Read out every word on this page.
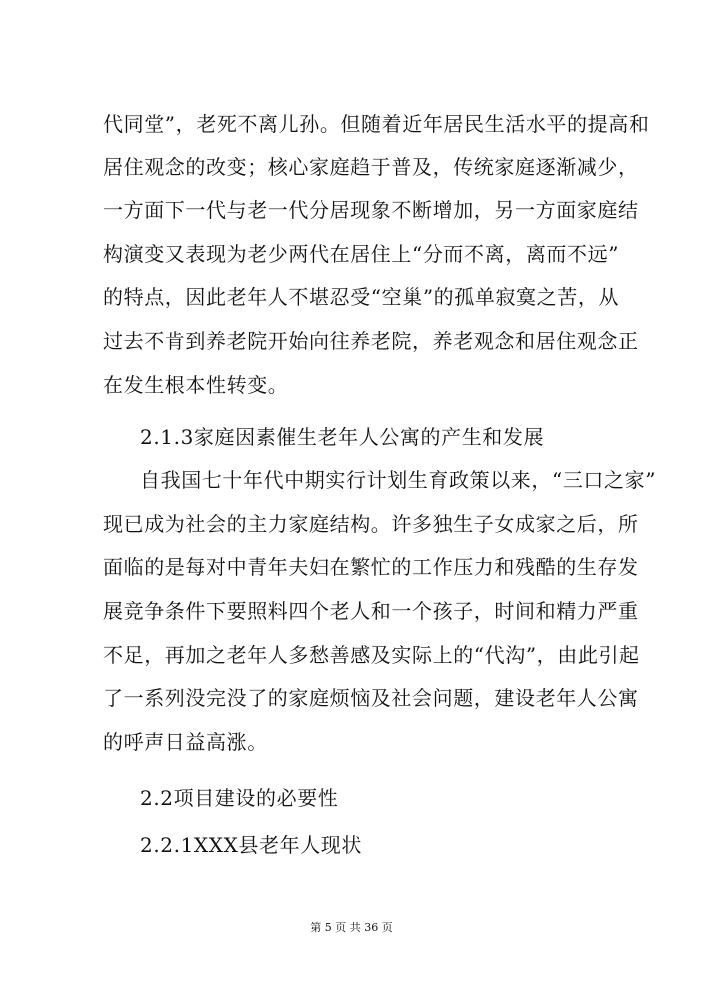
代同堂”，老死不离儿孙。但随着近年居民生活水平的提高和
居住观念的改变；核心家庭趋于普及，传统家庭逐渐减少，
一方面下一代与老一代分居现象不断增加，另一方面家庭结
构演变又表现为老少两代在居住上“分而不离，离而不远”
的特点，因此老年人不堪忍受“空巢”的孤单寂寞之苦，从
过去不肯到养老院开始向往养老院，养老观念和居住观念正
在发生根本性转变。
2.1.3家庭因素催生老年人公寓的产生和发展
自我国七十年代中期实行计划生育政策以来，“三口之家”
现已成为社会的主力家庭结构。许多独生子女成家之后，所
面临的是每对中青年夫妇在繁忙的工作压力和残酷的生存发
展竞争条件下要照料四个老人和一个孩子，时间和精力严重
不足，再加之老年人多愁善感及实际上的“代沟”，由此引起
了一系列没完没了的家庭烦恼及社会问题，建设老年人公寓
的呼声日益高涨。
2.2项目建设的必要性
2.2.1XXX县老年人现状
第 5 页 共 36 页
